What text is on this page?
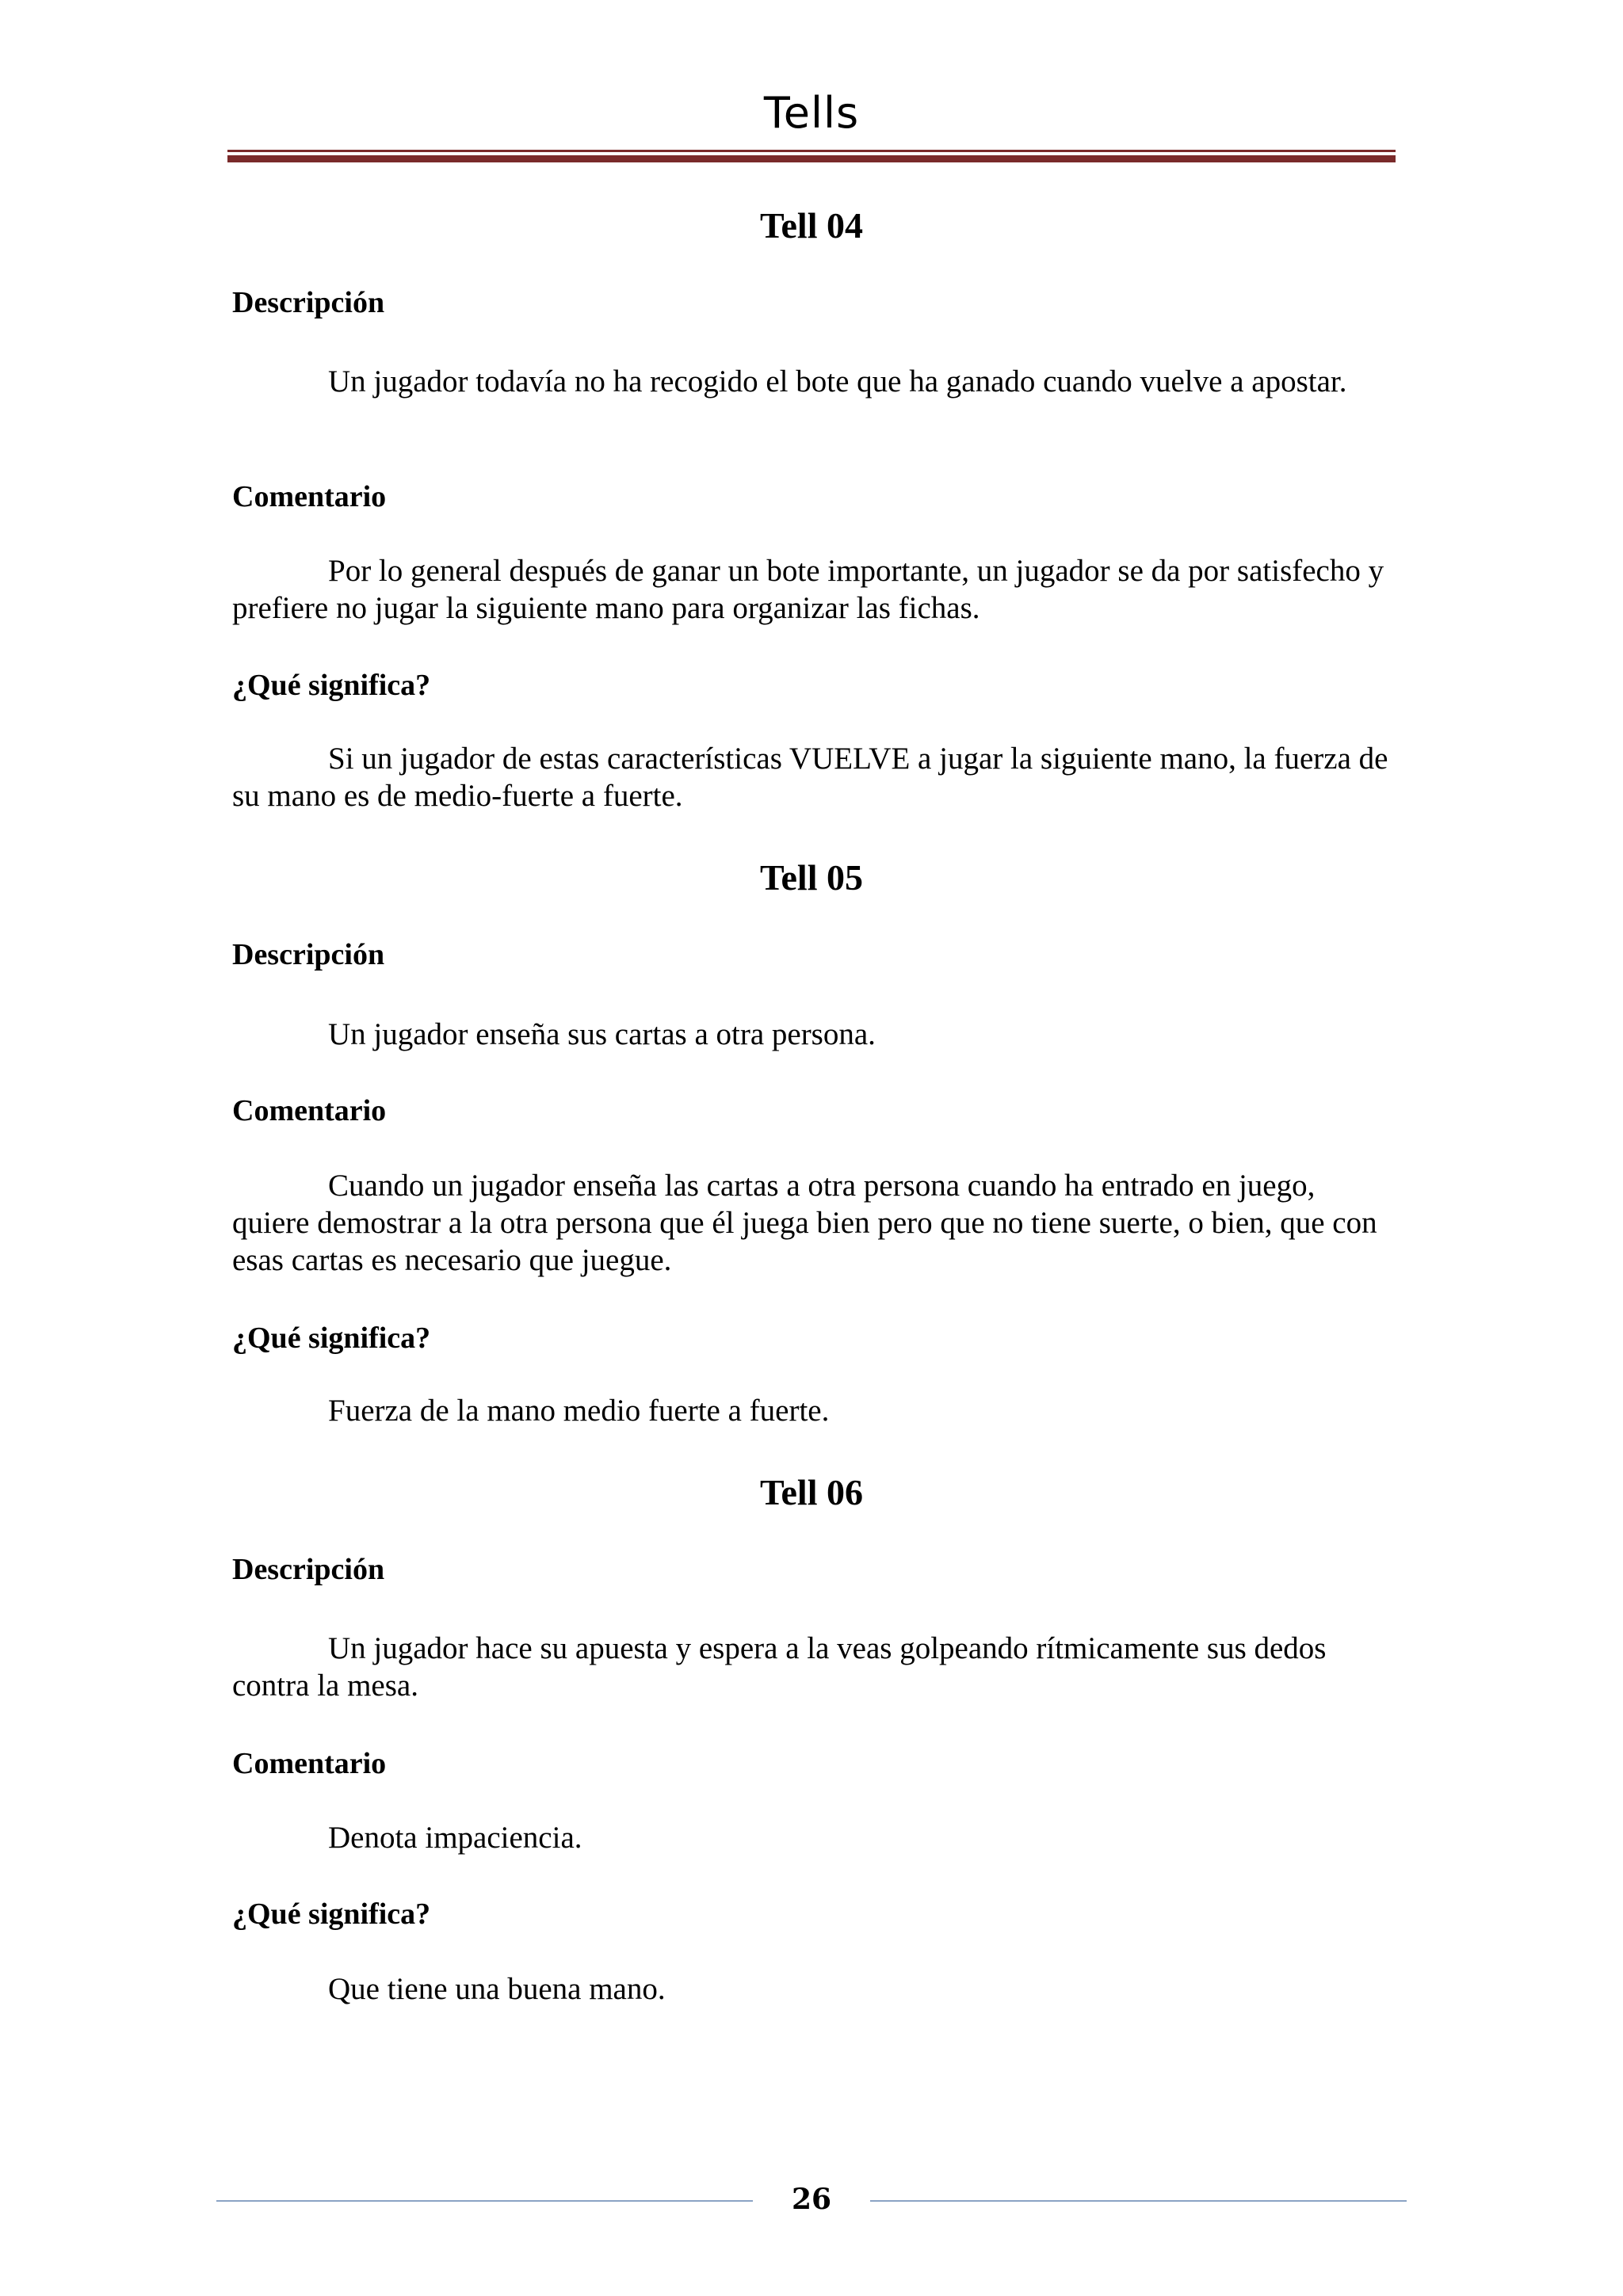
Tells
Tell 04
Descripción

Un jugador todavía no ha recogido el bote que ha ganado cuando vuelve a apostar.

Comentario

Por lo general después de ganar un bote importante, un jugador se da por satisfecho y prefiere no jugar la siguiente mano para organizar las fichas.

¿Qué significa?

Si un jugador de estas características VUELVE a jugar la siguiente mano, la fuerza de su mano es de medio-fuerte a fuerte.

Tell 05
Descripción

Un jugador enseña sus cartas a otra persona.

Comentario

Cuando un jugador enseña las cartas a otra persona cuando ha entrado en juego, quiere demostrar a la otra persona que él juega bien pero que no tiene suerte, o bien, que con esas cartas es necesario que juegue.

¿Qué significa?

Fuerza de la mano medio fuerte a fuerte.

Tell 06
Descripción

Un jugador hace su apuesta y espera a la veas golpeando rítmicamente sus dedos contra la mesa.

Comentario

Denota impaciencia.

¿Qué significa?

Que tiene una buena mano.

26
